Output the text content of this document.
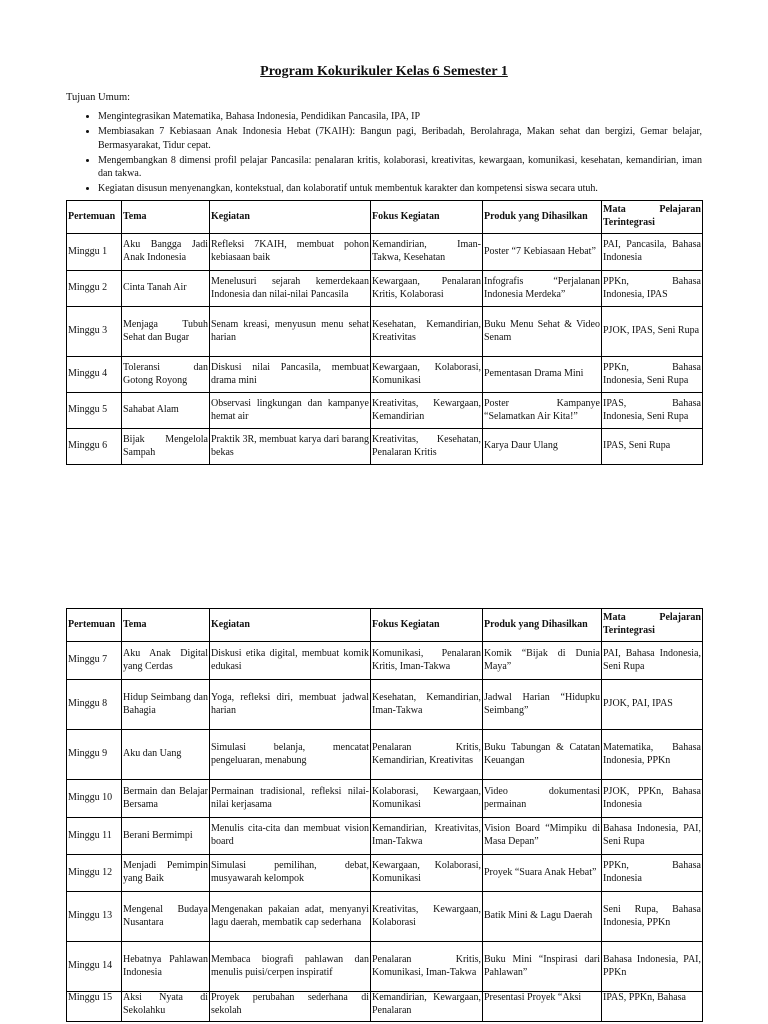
Program Kokurikuler Kelas 6 Semester 1

Tujuan Umum:

• Mengintegrasikan Matematika, Bahasa Indonesia, Pendidikan Pancasila, IPA, IP
• Membiasakan 7 Kebiasaan Anak Indonesia Hebat (7KAIH): Bangun pagi, Beribadah, Berolahraga, Makan sehat dan bergizi, Gemar belajar, Bermasyarakat, Tidur cepat.
• Mengembangkan 8 dimensi profil pelajar Pancasila: penalaran kritis, kolaborasi, kreativitas, kewargaan, komunikasi, kesehatan, kemandirian, iman dan takwa.
• Kegiatan disusun menyenangkan, kontekstual, dan kolaboratif untuk membentuk karakter dan kompetensi siswa secara utuh.
Pertemuan	Tema	Kegiatan	Fokus Kegiatan	Produk yang Dihasilkan	Mata Pelajaran Terintegrasi
Minggu 1	Aku Bangga Jadi Anak Indonesia	Refleksi 7KAIH, membuat pohon kebiasaan baik	Kemandirian, Iman-Takwa, Kesehatan	Poster “7 Kebiasaan Hebat”	PAI, Pancasila, Bahasa Indonesia
Minggu 2	Cinta Tanah Air	Menelusuri sejarah kemerdekaan Indonesia dan nilai-nilai Pancasila	Kewargaan, Penalaran Kritis, Kolaborasi	Infografis “Perjalanan Indonesia Merdeka”	PPKn, Bahasa Indonesia, IPAS
Minggu 3	Menjaga Tubuh Sehat dan Bugar	Senam kreasi, menyusun menu sehat harian	Kesehatan, Kemandirian, Kreativitas	Buku Menu Sehat & Video Senam	PJOK, IPAS, Seni Rupa
Minggu 4	Toleransi dan Gotong Royong	Diskusi nilai Pancasila, membuat drama mini	Kewargaan, Kolaborasi, Komunikasi	Pementasan Drama Mini	PPKn, Bahasa Indonesia, Seni Rupa
Minggu 5	Sahabat Alam	Observasi lingkungan dan kampanye hemat air	Kreativitas, Kewargaan, Kemandirian	Poster Kampanye “Selamatkan Air Kita!”	IPAS, Bahasa Indonesia, Seni Rupa
Minggu 6	Bijak Mengelola Sampah	Praktik 3R, membuat karya dari barang bekas	Kreativitas, Kesehatan, Penalaran Kritis	Karya Daur Ulang	IPAS, Seni Rupa
Pertemuan	Tema	Kegiatan	Fokus Kegiatan	Produk yang Dihasilkan	Mata Pelajaran Terintegrasi
Minggu 7	Aku Anak Digital yang Cerdas	Diskusi etika digital, membuat komik edukasi	Komunikasi, Penalaran Kritis, Iman-Takwa	Komik “Bijak di Dunia Maya”	PAI, Bahasa Indonesia, Seni Rupa
Minggu 8	Hidup Seimbang dan Bahagia	Yoga, refleksi diri, membuat jadwal harian	Kesehatan, Kemandirian, Iman-Takwa	Jadwal Harian “Hidupku Seimbang”	PJOK, PAI, IPAS
Minggu 9	Aku dan Uang	Simulasi belanja, mencatat pengeluaran, menabung	Penalaran Kritis, Kemandirian, Kreativitas	Buku Tabungan & Catatan Keuangan	Matematika, Bahasa Indonesia, PPKn
Minggu 10	Bermain dan Belajar Bersama	Permainan tradisional, refleksi nilai-nilai kerjasama	Kolaborasi, Kewargaan, Komunikasi	Video dokumentasi permainan	PJOK, PPKn, Bahasa Indonesia
Minggu 11	Berani Bermimpi	Menulis cita-cita dan membuat vision board	Kemandirian, Kreativitas, Iman-Takwa	Vision Board “Mimpiku di Masa Depan”	Bahasa Indonesia, PAI, Seni Rupa
Minggu 12	Menjadi Pemimpin yang Baik	Simulasi pemilihan, debat, musyawarah kelompok	Kewargaan, Kolaborasi, Komunikasi	Proyek “Suara Anak Hebat”	PPKn, Bahasa Indonesia
Minggu 13	Mengenal Budaya Nusantara	Mengenakan pakaian adat, menyanyi lagu daerah, membatik cap sederhana	Kreativitas, Kewargaan, Kolaborasi	Batik Mini & Lagu Daerah	Seni Rupa, Bahasa Indonesia, PPKn
Minggu 14	Hebatnya Pahlawan Indonesia	Membaca biografi pahlawan dan menulis puisi/cerpen inspiratif	Penalaran Kritis, Komunikasi, Iman-Takwa	Buku Mini “Inspirasi dari Pahlawan”	Bahasa Indonesia, PAI, PPKn
Minggu 15	Aksi Nyata di Sekolahku	Proyek perubahan sederhana di sekolah	Kemandirian, Kewargaan, Penalaran	Presentasi Proyek “Aksi	IPAS, PPKn, Bahasa
